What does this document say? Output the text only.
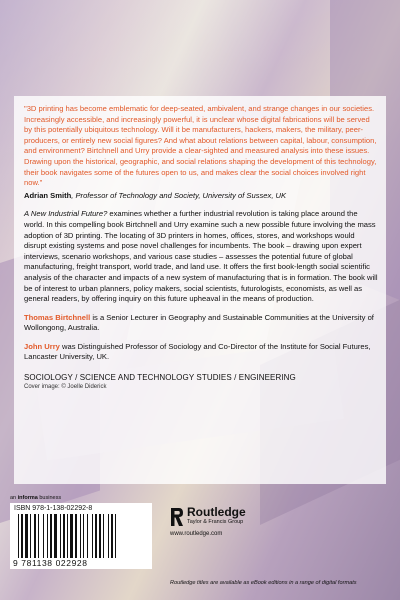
"3D printing has become emblematic for deep-seated, ambivalent, and strange changes in our societies. Increasingly accessible, and increasingly powerful, it is unclear whose digital fabrications will be served by this potentially ubiquitous technology. Will it be manufacturers, hackers, makers, the military, peer-producers, or entirely new social figures? And what about relations between capital, labour, consumption, and environment? Birtchnell and Urry provide a clear-sighted and measured analysis into these issues. Drawing upon the historical, geographic, and social relations shaping the development of this technology, their book navigates some of the futures open to us, and makes clear the social choices involved right now."

Adrian Smith, Professor of Technology and Society, University of Sussex, UK

A New Industrial Future? examines whether a further industrial revolution is taking place around the world. In this compelling book Birtchnell and Urry examine such a new possible future involving the mass adoption of 3D printing. The locating of 3D printers in homes, offices, stores, and workshops would disrupt existing systems and pose novel challenges for incumbents. The book – drawing upon expert interviews, scenario workshops, and various case studies – assesses the potential future of global manufacturing, freight transport, world trade, and land use. It offers the first book-length social scientific analysis of the character and impacts of a new system of manufacturing that is in formation. The book will be of interest to urban planners, policy makers, social scientists, futurologists, economists, as well as general readers, by offering inquiry on this future upheaval in the means of production.

Thomas Birtchnell is a Senior Lecturer in Geography and Sustainable Communities at the University of Wollongong, Australia.

John Urry was Distinguished Professor of Sociology and Co-Director of the Institute for Social Futures, Lancaster University, UK.

SOCIOLOGY / SCIENCE AND TECHNOLOGY STUDIES / ENGINEERING

Cover image: © Joelle Diderick

an informa business
ISBN 978-1-138-02292-8
9 781138 022928
Routledge
Taylor & Francis Group
www.routledge.com
Routledge titles are available as eBook editions in a range of digital formats
